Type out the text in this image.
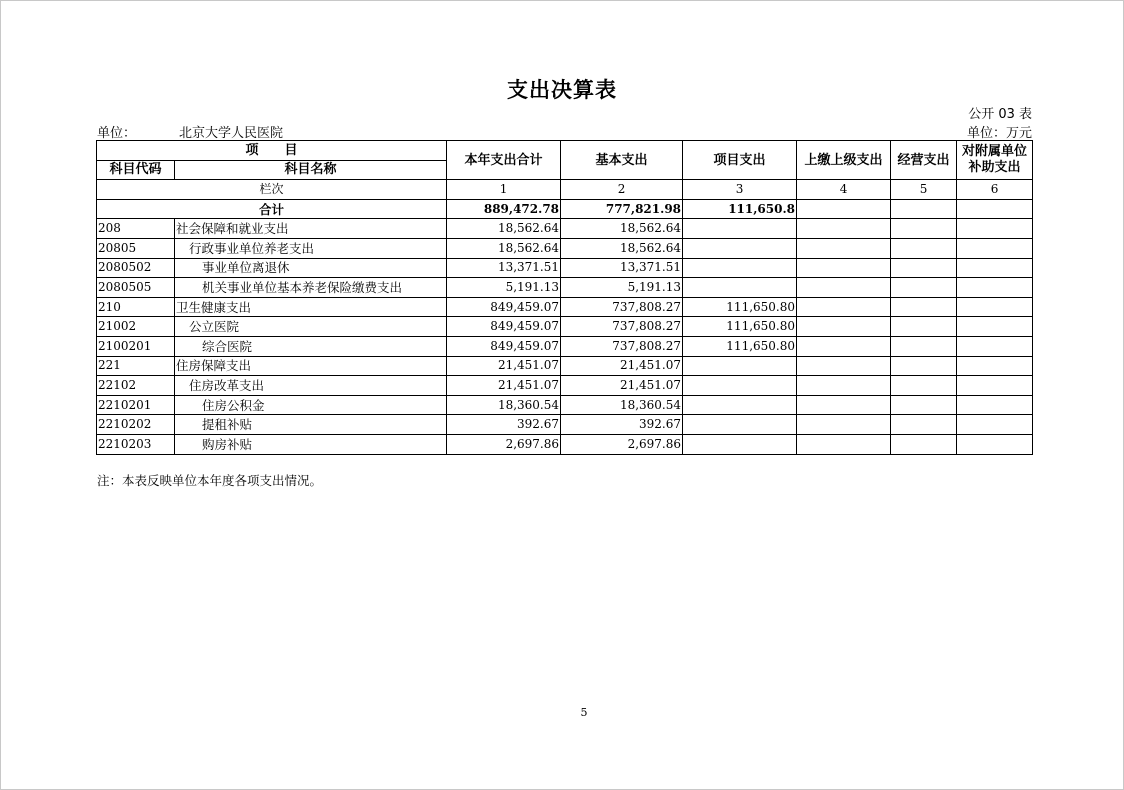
支出决算表
公开 03 表
单位：	北京大学人民医院	单位：万元
项　　目		本年支出合计	基本支出	项目支出	上缴上级支出	经营支出	对附属单位补助支出
科目代码	科目名称						
栏次		1	2	3	4	5	6
合计		889,472.78	777,821.98	111,650.8			
208	社会保障和就业支出	18,562.64	18,562.64				
20805	行政事业单位养老支出	18,562.64	18,562.64				
2080502	事业单位离退休	13,371.51	13,371.51				
2080505	机关事业单位基本养老保险缴费支出	5,191.13	5,191.13				
210	卫生健康支出	849,459.07	737,808.27	111,650.80			
21002	公立医院	849,459.07	737,808.27	111,650.80			
2100201	综合医院	849,459.07	737,808.27	111,650.80			
221	住房保障支出	21,451.07	21,451.07				
22102	住房改革支出	21,451.07	21,451.07				
2210201	住房公积金	18,360.54	18,360.54				
2210202	提租补贴	392.67	392.67				
2210203	购房补贴	2,697.86	2,697.86				
注：本表反映单位本年度各项支出情况。
5
